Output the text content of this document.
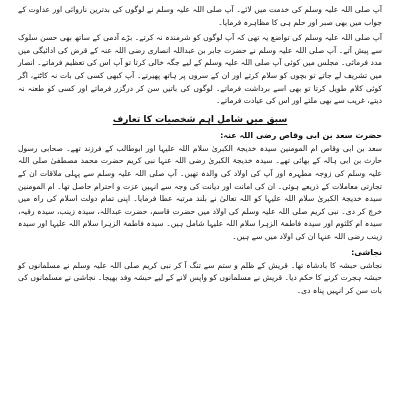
آپ صلی اللہ علیہ وسلم کی خدمت میں لائے۔ آپ صلی اللہ علیہ وسلم نے لوگوں کی بدترین ناروائی اور عداوت کے جواب میں بھی صبر اور حلم ہی کا مظاہرہ فرمایا۔

آپ صلی اللہ علیہ وسلم کی تواضع یہ تھی کہ آپ لوگوں کو شرمندہ نہ کرتے۔ بڑے آدمی کے ساتھ بھی حسن سلوک سے پیش آتے۔ آپ صلی اللہ علیہ وسلم نے حضرت جابر بن عبداللہ انصاری رضی اللہ عنہ کے قرض کی ادائیگی میں مدد فرمائی۔ مجلس میں کوئی آپ صلی اللہ علیہ وسلم کے لیے جگہ خالی کرتا تو آپ اس کی تعظیم فرماتے۔ انصار میں تشریف لے جاتے تو بچوں کو سلام کرتے اور ان کے سروں پر ہاتھ پھیرتے۔ آپ کبھی کسی کی بات نہ کاٹتے، اگر کوئی کلام طویل کرتا تو بھی اسے برداشت فرماتے۔ لوگوں کی باتیں سن کر درگزر فرماتے اور کسی کو طعنہ نہ دیتے، غریب سے بھی ملتے اور اس کی عیادت فرماتے۔

سبق میں شامل اہم شخصیات کا تعارف
حضرت سعد بن ابی وقاص رضی اللہ عنہ:

سعد بن ابی وقاص ام المومنین سیدہ خدیجۃ الکبریٰ سلام اللہ علیہا اور ابوطالب کے فرزند تھے۔ صحابی رسول حارث بن ابی ہالہ کے بھائی تھے۔ سیدہ خدیجۃ الکبریٰ رضی اللہ عنہا نبی کریم حضرت محمد مصطفیٰ صلی اللہ علیہ وسلم کی زوجہ مطہرہ اور آپ کی اولاد کی والدہ تھیں۔ آپ صلی اللہ علیہ وسلم سے پہلی ملاقات ان کے تجارتی معاملات کے ذریعے ہوئی۔ ان کی امانت اور دیانت کی وجہ سے انہیں عزت و احترام حاصل تھا۔ ام المومنین سیدہ خدیجۃ الکبریٰ سلام اللہ علیہا کو اللہ تعالیٰ نے بلند مرتبہ عطا فرمایا۔ اپنی تمام دولت اسلام کی راہ میں خرچ کر دی۔ نبی کریم صلی اللہ علیہ وسلم کی اولاد میں حضرت قاسم، حضرت عبداللہ، سیدہ زینب، سیدہ رقیہ، سیدہ ام کلثوم اور سیدہ فاطمۃ الزہرا سلام اللہ علیہا شامل ہیں۔ سیدہ فاطمۃ الزہرا سلام اللہ علیہا اور سیدہ زینب رضی اللہ عنہا ان کی اولاد میں سے ہیں۔

نجاشی:

نجاشی حبشہ کا بادشاہ تھا۔ قریش کے ظلم و ستم سے تنگ آ کر نبی کریم صلی اللہ علیہ وسلم نے مسلمانوں کو حبشہ ہجرت کرنے کا حکم دیا۔ قریش نے مسلمانوں کو واپس لانے کے لیے حبشہ وفد بھیجا۔ نجاشی نے مسلمانوں کی بات سن کر انہیں پناہ دی۔
